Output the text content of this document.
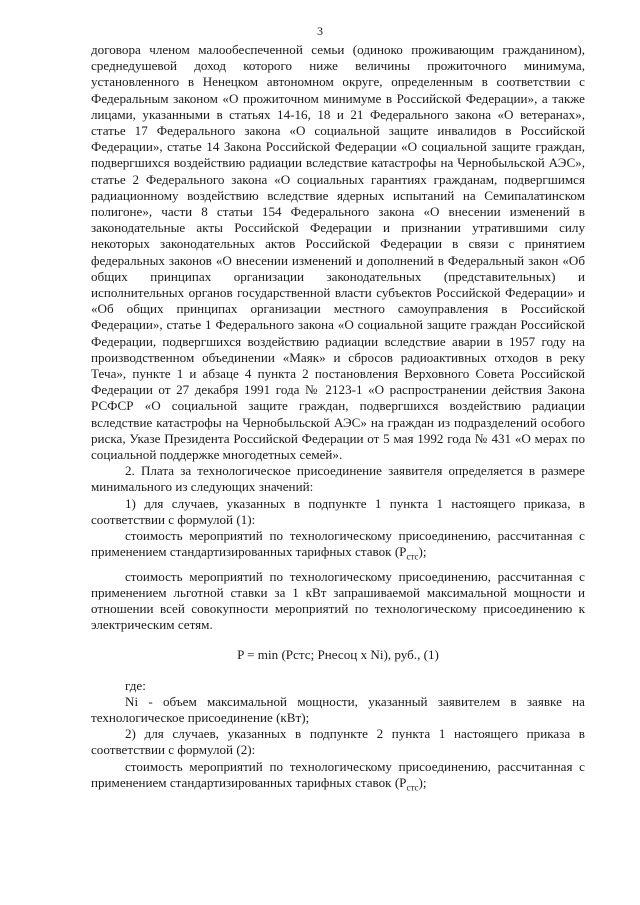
3

договора членом малообеспеченной семьи (одиноко проживающим гражданином), среднедушевой доход которого ниже величины прожиточного минимума, установленного в Ненецком автономном округе, определенным в соответствии с Федеральным законом «О прожиточном минимуме в Российской Федерации», а также лицами, указанными в статьях 14-16, 18 и 21 Федерального закона «О ветеранах», статье 17 Федерального закона «О социальной защите инвалидов в Российской Федерации», статье 14 Закона Российской Федерации «О социальной защите граждан, подвергшихся воздействию радиации вследствие катастрофы на Чернобыльской АЭС», статье 2 Федерального закона «О социальных гарантиях гражданам, подвергшимся радиационному воздействию вследствие ядерных испытаний на Семипалатинском полигоне», части 8 статьи 154 Федерального закона «О внесении изменений в законодательные акты Российской Федерации и признании утратившими силу некоторых законодательных актов Российской Федерации в связи с принятием федеральных законов «О внесении изменений и дополнений в Федеральный закон «Об общих принципах организации законодательных (представительных) и исполнительных органов государственной власти субъектов Российской Федерации» и «Об общих принципах организации местного самоуправления в Российской Федерации», статье 1 Федерального закона «О социальной защите граждан Российской Федерации, подвергшихся воздействию радиации вследствие аварии в 1957 году на производственном объединении «Маяк» и сбросов радиоактивных отходов в реку Теча», пункте 1 и абзаце 4 пункта 2 постановления Верховного Совета Российской Федерации от 27 декабря 1991 года № 2123-1 «О распространении действия Закона РСФСР «О социальной защите граждан, подвергшихся воздействию радиации вследствие катастрофы на Чернобыльской АЭС» на граждан из подразделений особого риска, Указе Президента Российской Федерации от 5 мая 1992 года № 431 «О мерах по социальной поддержке многодетных семей».

2. Плата за технологическое присоединение заявителя определяется в размере минимального из следующих значений:

1) для случаев, указанных в подпункте 1 пункта 1 настоящего приказа, в соответствии с формулой (1):

стоимость мероприятий по технологическому присоединению, рассчитанная с применением стандартизированных тарифных ставок $(Р_{стс})$;

стоимость мероприятий по технологическому присоединению, рассчитанная с применением льготной ставки за 1 кВт запрашиваемой максимальной мощности и отношении всей совокупности мероприятий по технологическому присоединению к электрическим сетям.

P = min (Рстс; Рнесоц x Ni), руб., (1)

где:

Ni - объем максимальной мощности, указанный заявителем в заявке на технологическое присоединение (кВт);

2) для случаев, указанных в подпункте 2 пункта 1 настоящего приказа в соответствии с формулой (2):

стоимость мероприятий по технологическому присоединению, рассчитанная с применением стандартизированных тарифных ставок $(Р_{стс})$;
